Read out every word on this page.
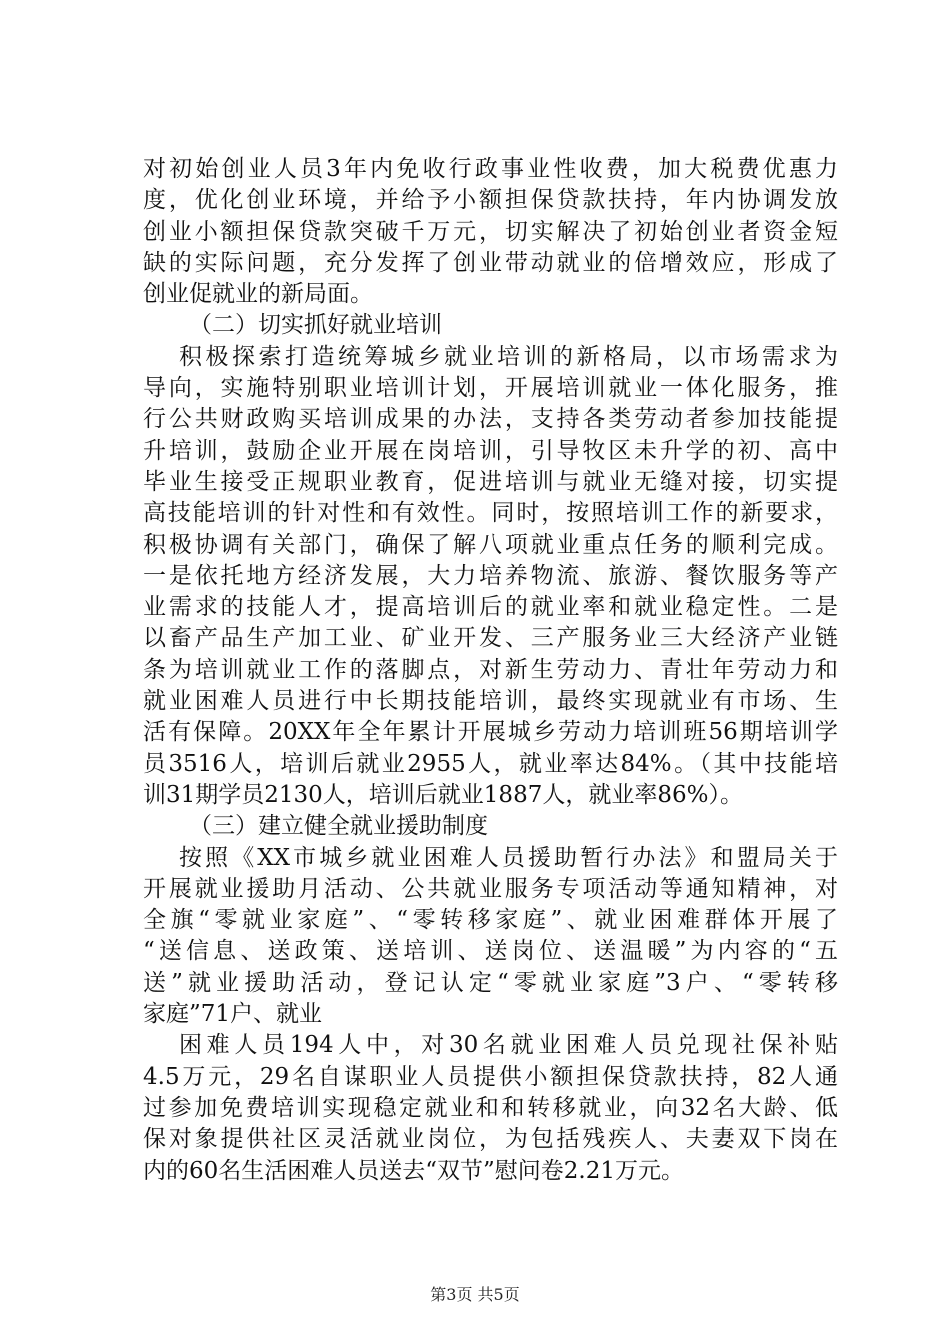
对初始创业人员3年内免收行政事业性收费，加大税费优惠力
度，优化创业环境，并给予小额担保贷款扶持，年内协调发放
创业小额担保贷款突破千万元，切实解决了初始创业者资金短
缺的实际问题，充分发挥了创业带动就业的倍增效应，形成了
创业促就业的新局面。
（二）切实抓好就业培训
积极探索打造统筹城乡就业培训的新格局，以市场需求为
导向，实施特别职业培训计划，开展培训就业一体化服务，推
行公共财政购买培训成果的办法，支持各类劳动者参加技能提
升培训，鼓励企业开展在岗培训，引导牧区未升学的初、高中
毕业生接受正规职业教育，促进培训与就业无缝对接，切实提
高技能培训的针对性和有效性。同时，按照培训工作的新要求，
积极协调有关部门，确保了解八项就业重点任务的顺利完成。
一是依托地方经济发展，大力培养物流、旅游、餐饮服务等产
业需求的技能人才，提高培训后的就业率和就业稳定性。二是
以畜产品生产加工业、矿业开发、三产服务业三大经济产业链
条为培训就业工作的落脚点，对新生劳动力、青壮年劳动力和
就业困难人员进行中长期技能培训，最终实现就业有市场、生
活有保障。20XX年全年累计开展城乡劳动力培训班56期培训学
员3516人，培训后就业2955人，就业率达84%。（其中技能培
训31期学员2130人，培训后就业1887人，就业率86%）。
（三）建立健全就业援助制度
按照《XX市城乡就业困难人员援助暂行办法》和盟局关于
开展就业援助月活动、公共就业服务专项活动等通知精神，对
全旗“零就业家庭”、“零转移家庭”、就业困难群体开展了
“送信息、送政策、送培训、送岗位、送温暖”为内容的“五
送”就业援助活动，登记认定“零就业家庭”3户、“零转移
家庭”71户、就业
困难人员194人中，对30名就业困难人员兑现社保补贴
4.5万元，29名自谋职业人员提供小额担保贷款扶持，82人通
过参加免费培训实现稳定就业和和转移就业，向32名大龄、低
保对象提供社区灵活就业岗位，为包括残疾人、夫妻双下岗在
内的60名生活困难人员送去“双节”慰问卷2.21万元。
第3页 共5页
